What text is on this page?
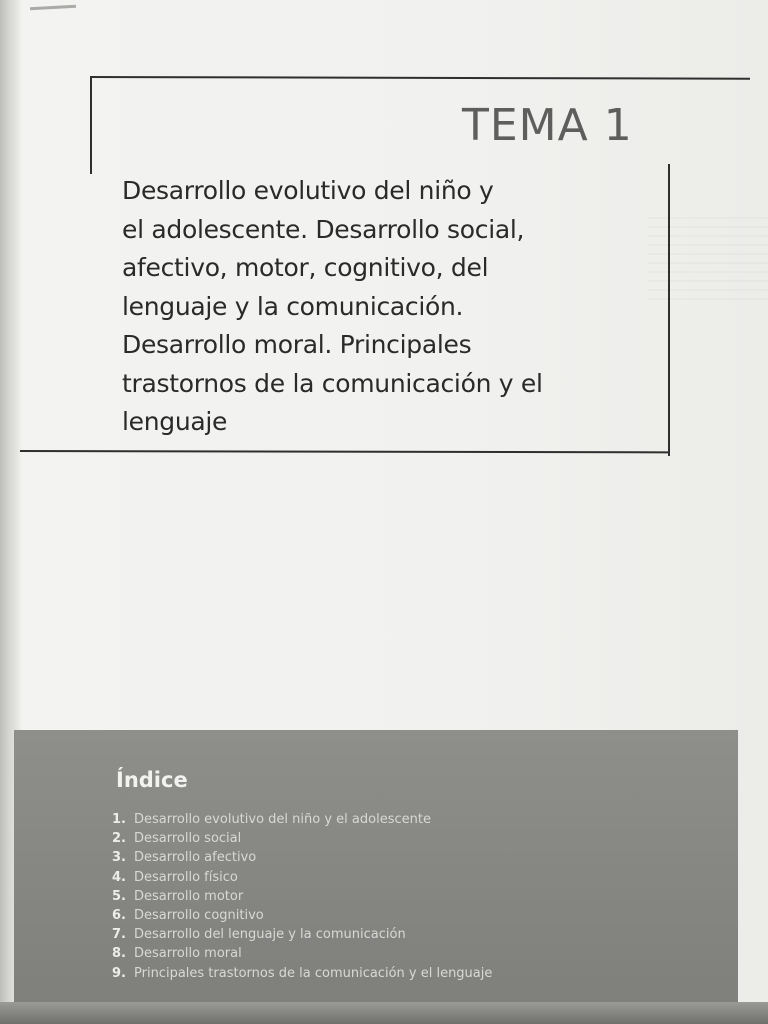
TEMA 1

Desarrollo evolutivo del niño y
el adolescente. Desarrollo social,
afectivo, motor, cognitivo, del
lenguaje y la comunicación.
Desarrollo moral. Principales
trastornos de la comunicación y el
lenguaje

Índice
1. Desarrollo evolutivo del niño y el adolescente
2. Desarrollo social
3. Desarrollo afectivo
4. Desarrollo físico
5. Desarrollo motor
6. Desarrollo cognitivo
7. Desarrollo del lenguaje y la comunicación
8. Desarrollo moral
9. Principales trastornos de la comunicación y el lenguaje
